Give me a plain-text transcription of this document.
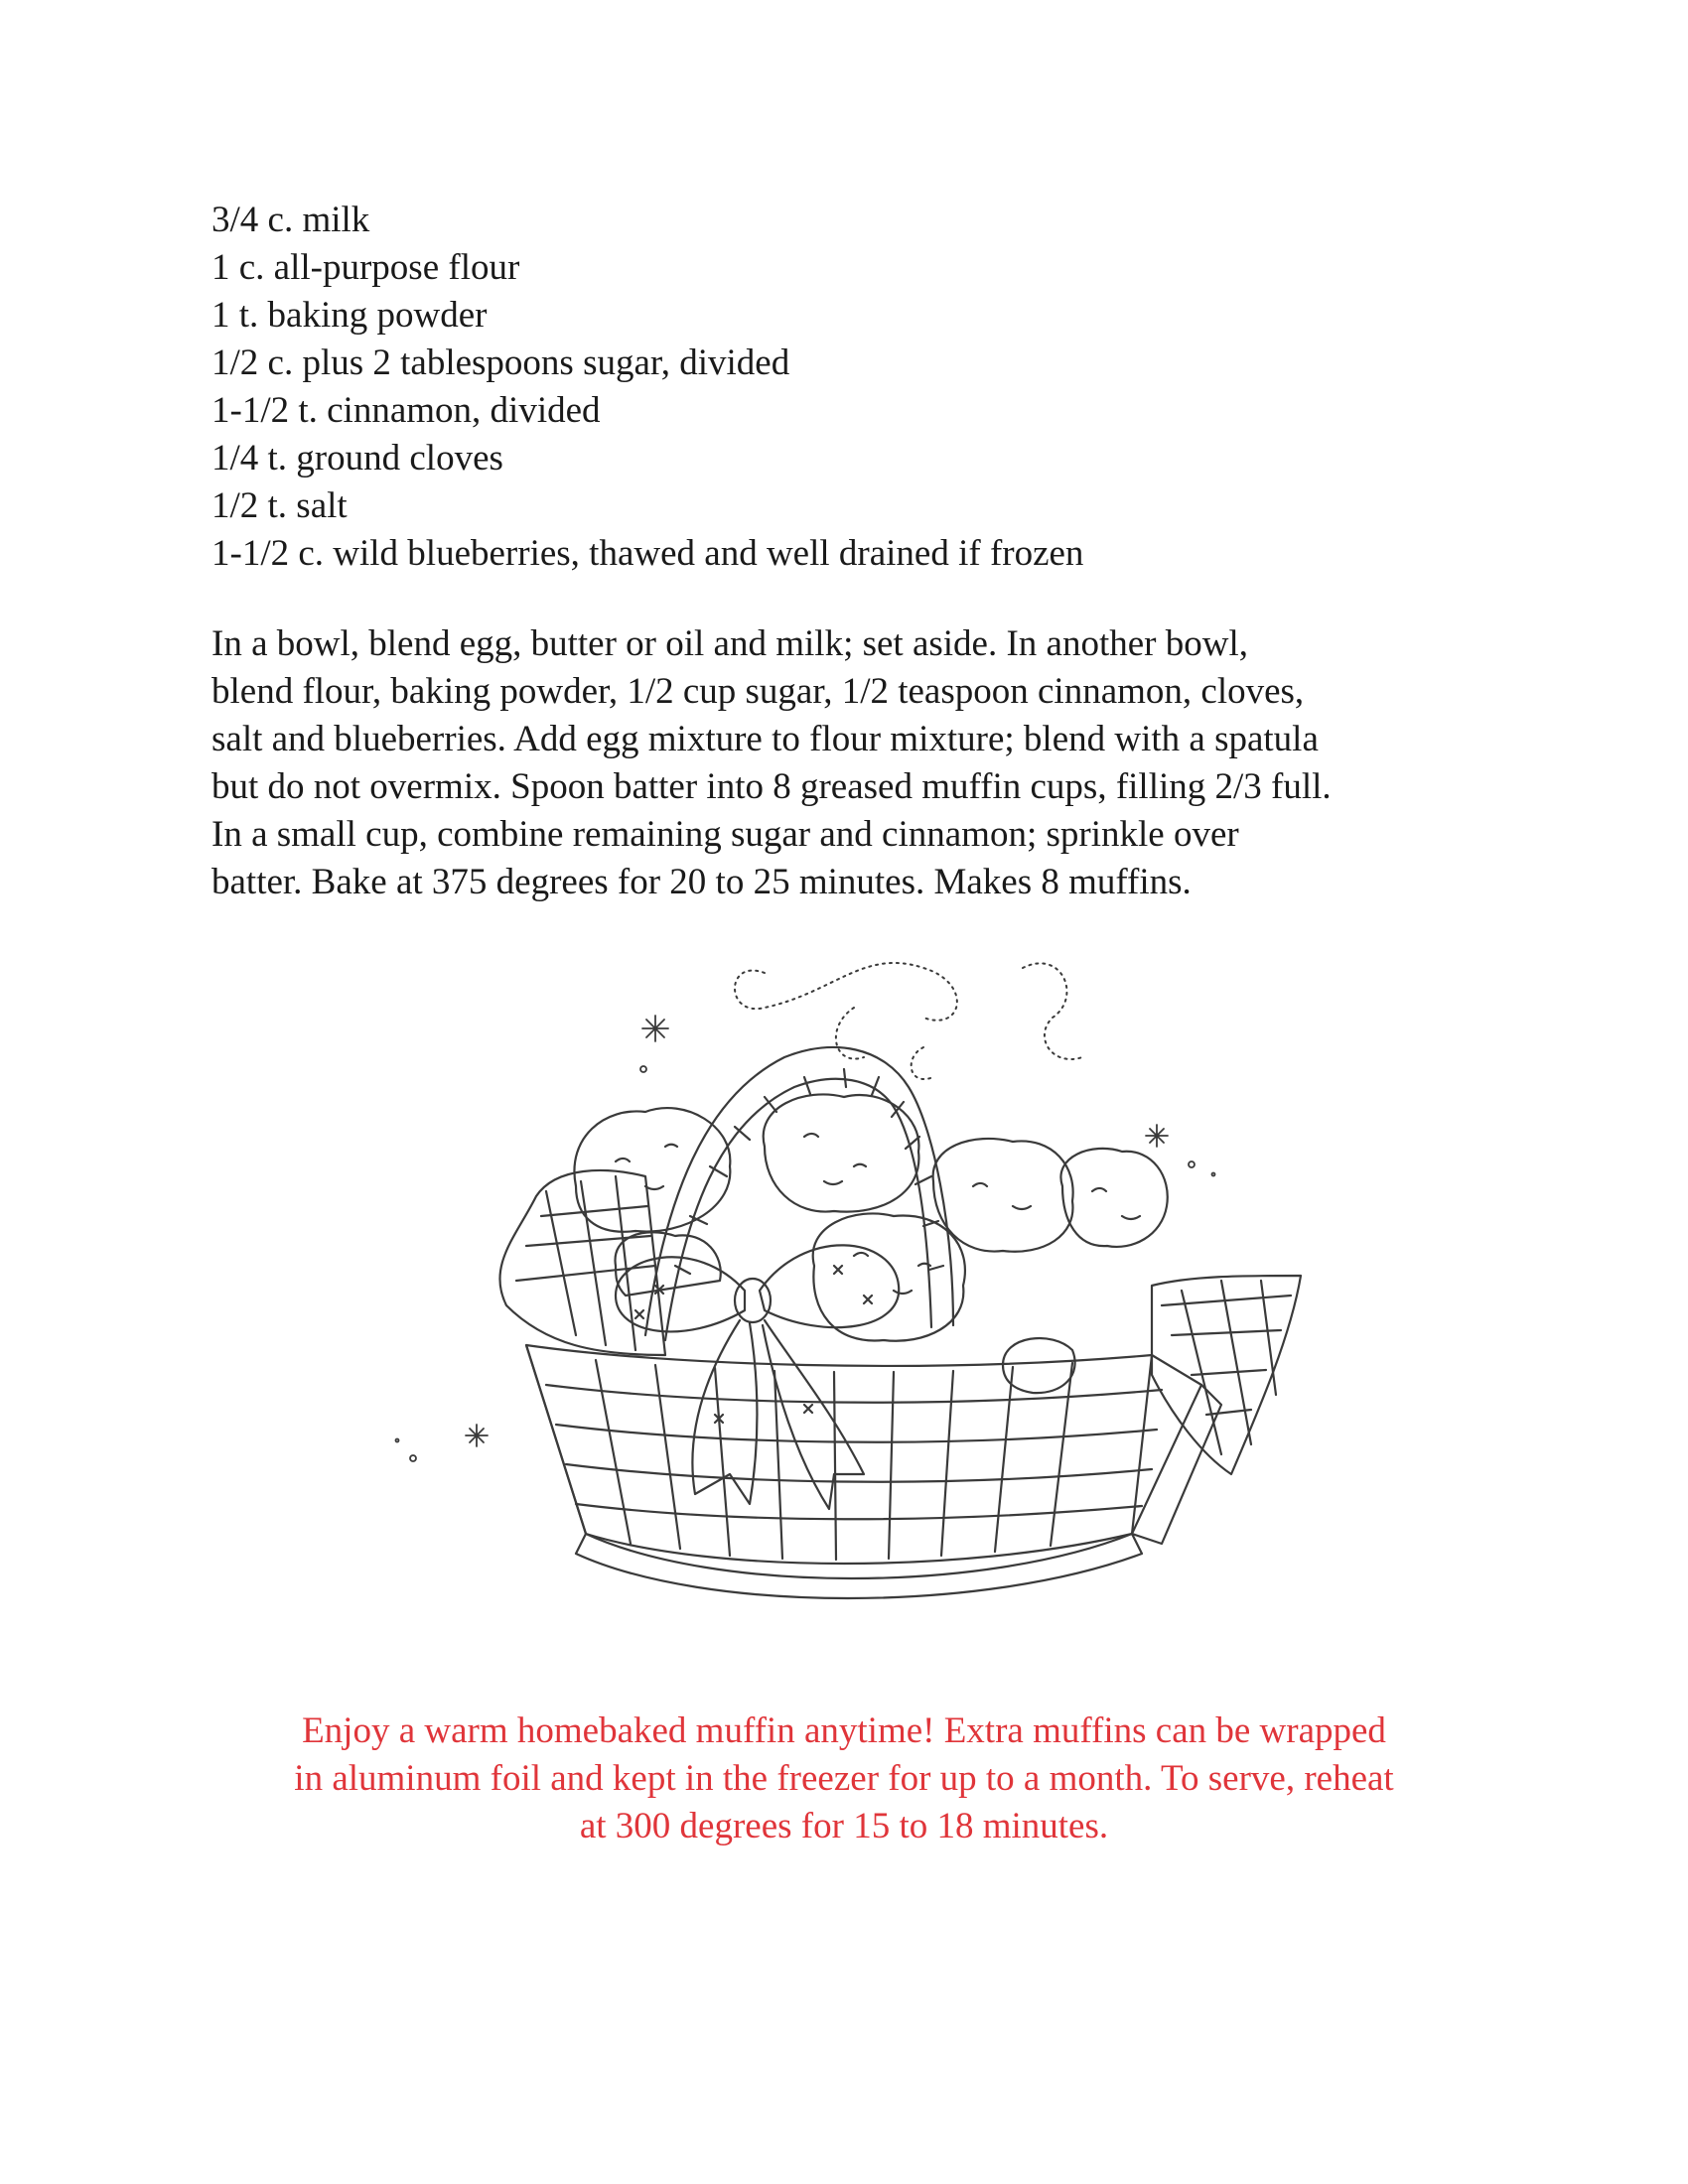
3/4 c. milk
1 c. all-purpose flour
1 t. baking powder
1/2 c. plus 2 tablespoons sugar, divided
1-1/2 t. cinnamon, divided
1/4 t. ground cloves
1/2 t. salt
1-1/2 c. wild blueberries, thawed and well drained if frozen

In a bowl, blend egg, butter or oil and milk; set aside. In another bowl,
blend flour, baking powder, 1/2 cup sugar, 1/2 teaspoon cinnamon, cloves,
salt and blueberries. Add egg mixture to flour mixture; blend with a spatula
but do not overmix. Spoon batter into 8 greased muffin cups, filling 2/3 full.
In a small cup, combine remaining sugar and cinnamon; sprinkle over
batter. Bake at 375 degrees for 20 to 25 minutes. Makes 8 muffins.

Enjoy a warm homebaked muffin anytime! Extra muffins can be wrapped
in aluminum foil and kept in the freezer for up to a month. To serve, reheat
at 300 degrees for 15 to 18 minutes.
